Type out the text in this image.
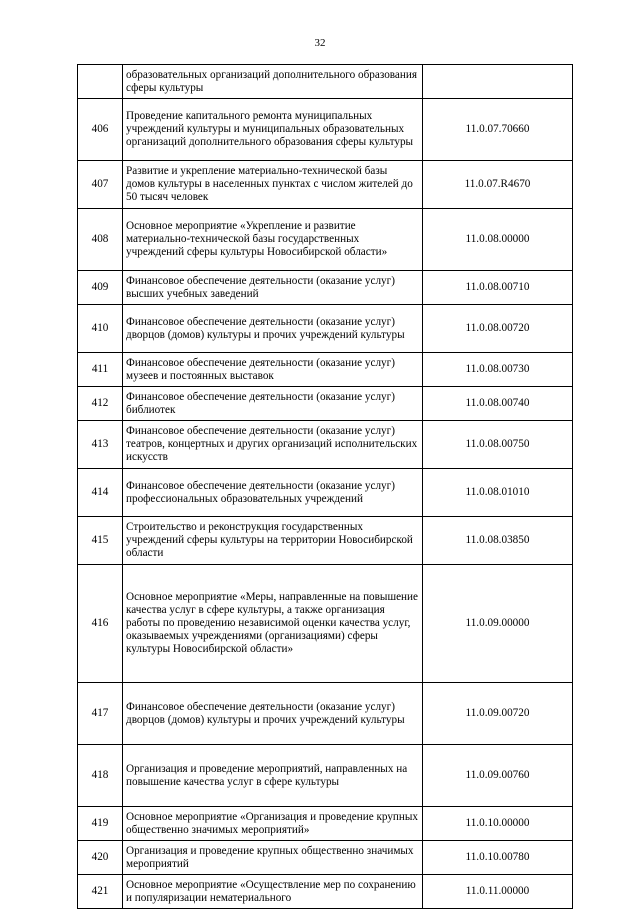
32
	образовательных организаций дополнительного образования сферы культуры	
406	Проведение капитального ремонта муниципальных учреждений культуры и муниципальных образовательных организаций дополнительного образования сферы культуры	11.0.07.70660
407	Развитие и укрепление материально-технической базы домов культуры в населенных пунктах с числом жителей до 50 тысяч человек	11.0.07.R4670
408	Основное мероприятие «Укрепление и развитие материально-технической базы государственных учреждений сферы культуры Новосибирской области»	11.0.08.00000
409	Финансовое обеспечение деятельности (оказание услуг) высших учебных заведений	11.0.08.00710
410	Финансовое обеспечение деятельности (оказание услуг) дворцов (домов) культуры и прочих учреждений культуры	11.0.08.00720
411	Финансовое обеспечение деятельности (оказание услуг) музеев и постоянных выставок	11.0.08.00730
412	Финансовое обеспечение деятельности (оказание услуг) библиотек	11.0.08.00740
413	Финансовое обеспечение деятельности (оказание услуг) театров, концертных и других организаций исполнительских искусств	11.0.08.00750
414	Финансовое обеспечение деятельности (оказание услуг) профессиональных образовательных учреждений	11.0.08.01010
415	Строительство и реконструкция государственных учреждений сферы культуры на территории Новосибирской области	11.0.08.03850
416	Основное мероприятие «Меры, направленные на повышение качества услуг в сфере культуры, а также организация работы по проведению независимой оценки качества услуг, оказываемых учреждениями (организациями) сферы культуры Новосибирской области»	11.0.09.00000
417	Финансовое обеспечение деятельности (оказание услуг) дворцов (домов) культуры и прочих учреждений культуры	11.0.09.00720
418	Организация и проведение мероприятий, направленных на повышение качества услуг в сфере культуры	11.0.09.00760
419	Основное мероприятие «Организация и проведение крупных общественно значимых мероприятий»	11.0.10.00000
420	Организация и проведение крупных общественно значимых мероприятий	11.0.10.00780
421	Основное мероприятие «Осуществление мер по сохранению и популяризации нематериального	11.0.11.00000
